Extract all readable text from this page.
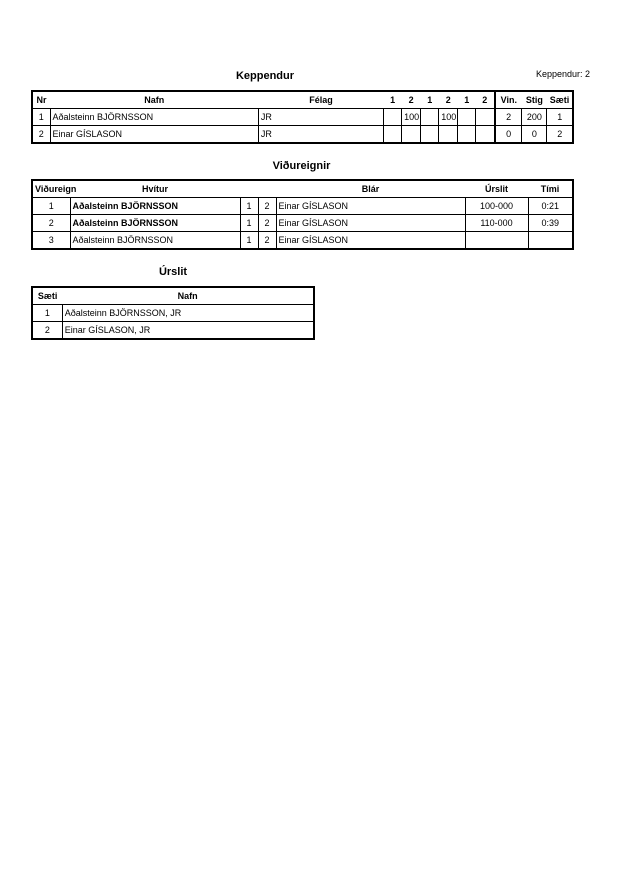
Keppendur	Keppendur: 2
Nr	Nafn	Félag	1	2	1	2	1	2	Vin.	Stig	Sæti
1	Aðalsteinn BJÖRNSSON	JR		100		100			2	200	1
2	Einar GÍSLASON	JR							0	0	2
Viðureignir
Viðureign	Hvítur			Blár	Úrslit	Tími
1	Aðalsteinn BJÖRNSSON	1	2	Einar GÍSLASON	100-000	0:21
2	Aðalsteinn BJÖRNSSON	1	2	Einar GÍSLASON	110-000	0:39
3	Aðalsteinn BJÖRNSSON	1	2	Einar GÍSLASON		
Úrslit
Sæti	Nafn
1	Aðalsteinn BJÖRNSSON, JR
2	Einar GÍSLASON, JR
